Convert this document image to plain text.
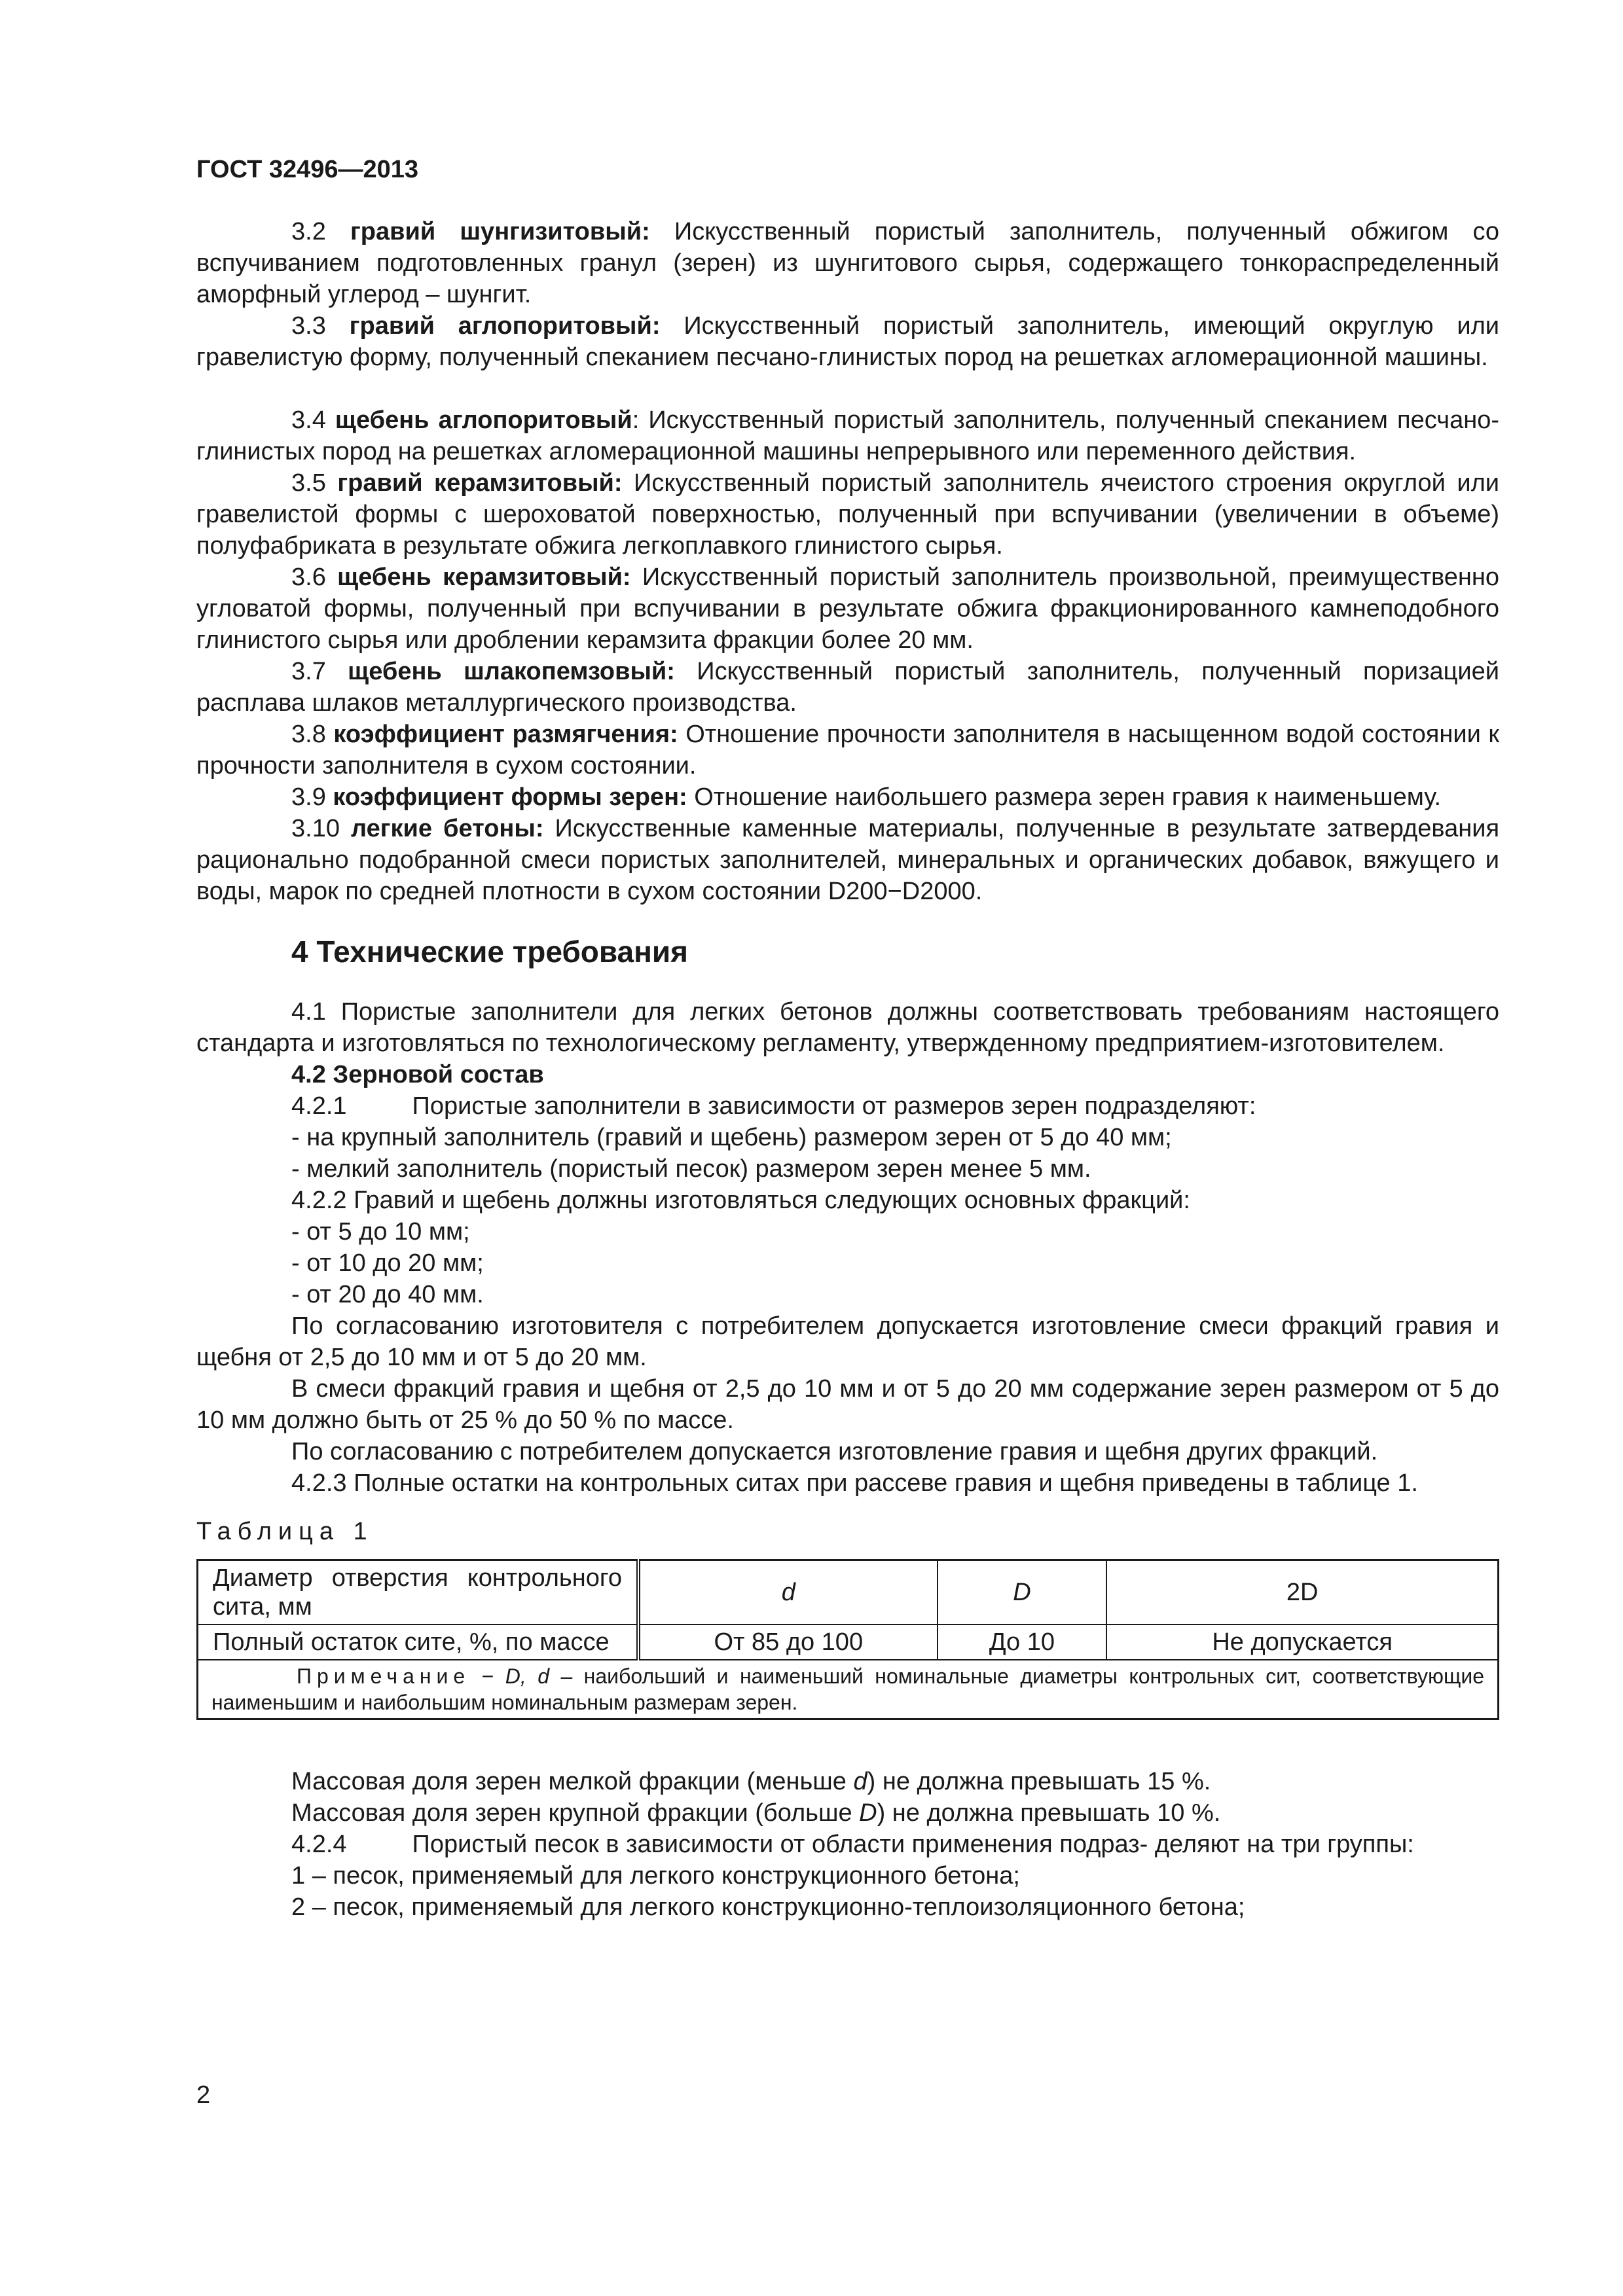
ГОСТ 32496—2013

3.2 гравий шунгизитовый: Искусственный пористый заполнитель, полученный обжигом со вспучиванием подготовленных гранул (зерен) из шунгитового сырья, содержащего тонкораспределенный аморфный углерод – шунгит.

3.3 гравий аглопоритовый: Искусственный пористый заполнитель, имеющий округлую или гравелистую форму, полученный спеканием песчано-глинистых пород на решетках агломерационной машины.

3.4 щебень аглопоритовый: Искусственный пористый заполнитель, полученный спеканием песчано-глинистых пород на решетках агломерационной машины непрерывного или переменного действия.

3.5 гравий керамзитовый: Искусственный пористый заполнитель ячеистого строения округлой или гравелистой формы с шероховатой поверхностью, полученный при вспучивании (увеличении в объеме) полуфабриката в результате обжига легкоплавкого глинистого сырья.

3.6 щебень керамзитовый: Искусственный пористый заполнитель произвольной, преимущественно угловатой формы, полученный при вспучивании в результате обжига фракционированного камнеподобного глинистого сырья или дроблении керамзита фракции более 20 мм.

3.7 щебень шлакопемзовый: Искусственный пористый заполнитель, полученный поризацией расплава шлаков металлургического производства.

3.8 коэффициент размягчения: Отношение прочности заполнителя в насыщенном водой состоянии к прочности заполнителя в сухом состоянии.

3.9 коэффициент формы зерен: Отношение наибольшего размера зерен гравия к наименьшему.

3.10 легкие бетоны: Искусственные каменные материалы, полученные в результате затвердевания рационально подобранной смеси пористых заполнителей, минеральных и органических добавок, вяжущего и воды, марок по средней плотности в сухом состоянии D200−D2000.

4 Технические требования

4.1 Пористые заполнители для легких бетонов должны соответствовать требованиям настоящего стандарта и изготовляться по технологическому регламенту, утвержденному предприятием-изготовителем.

4.2 Зерновой состав
4.2.1	Пористые заполнители в зависимости от размеров зерен подразделяют:
- на крупный заполнитель (гравий и щебень) размером зерен от 5 до 40 мм;
- мелкий заполнитель (пористый песок) размером зерен менее 5 мм.
4.2.2 Гравий и щебень должны изготовляться следующих основных фракций:
- от 5 до 10 мм;
- от 10 до 20 мм;
- от 20 до 40 мм.

По согласованию изготовителя с потребителем допускается изготовление смеси фракций гравия и щебня от 2,5 до 10 мм и от 5 до 20 мм.

В смеси фракций гравия и щебня от 2,5 до 10 мм и от 5 до 20 мм содержание зерен размером от 5 до 10 мм должно быть от 25 % до 50 % по массе.

По согласованию с потребителем допускается изготовление гравия и щебня других фракций.

4.2.3 Полные остатки на контрольных ситах при рассеве гравия и щебня приведены в таблице 1.

Таблица 1
Диаметр отверстия контрольного сита, мм	d	D	2D
Полный остаток сите, %, по массе	От 85 до 100	До 10	Не допускается
Примечание − D, d – наибольший и наименьший номинальные диаметры контрольных сит, соответствующие наименьшим и наибольшим номинальным размерам зерен.			
Массовая доля зерен мелкой фракции (меньше d) не должна превышать 15 %.
Массовая доля зерен крупной фракции (больше D) не должна превышать 10 %.

4.2.4	Пористый песок в зависимости от области применения подраз- деляют на три группы:

1 – песок, применяемый для легкого конструкционного бетона;
2 – песок, применяемый для легкого конструкционно-теплоизоляционного бетона;
2
